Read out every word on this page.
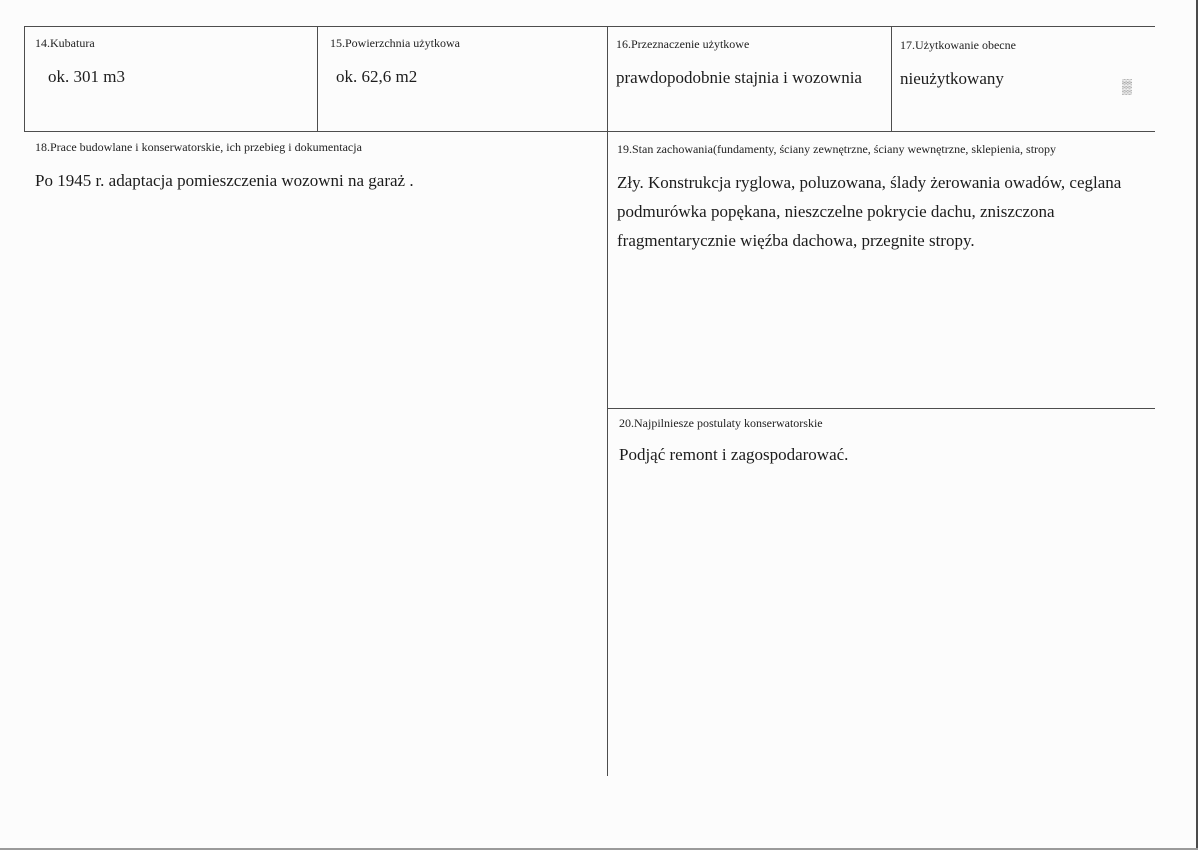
14.Kubatura
ok. 301 m3
15.Powierzchnia użytkowa
ok. 62,6 m2
16.Przeznaczenie użytkowe
prawdopodobnie stajnia i wozownia
17.Użytkowanie obecne
nieużytkowany
18.Prace budowlane i konserwatorskie, ich przebieg i dokumentacja
Po 1945 r. adaptacja pomieszczenia wozowni na garaż .
19.Stan zachowania(fundamenty, ściany zewnętrzne, ściany wewnętrzne, sklepienia, stropy
Zły. Konstrukcja ryglowa, poluzowana, ślady żerowania owadów, ceglana
podmurówka popękana, nieszczelne pokrycie dachu, zniszczona
fragmentarycznie więźba dachowa, przegnite stropy.
20.Najpilniesze postulaty konserwatorskie
Podjąć remont i zagospodarować.
▒
